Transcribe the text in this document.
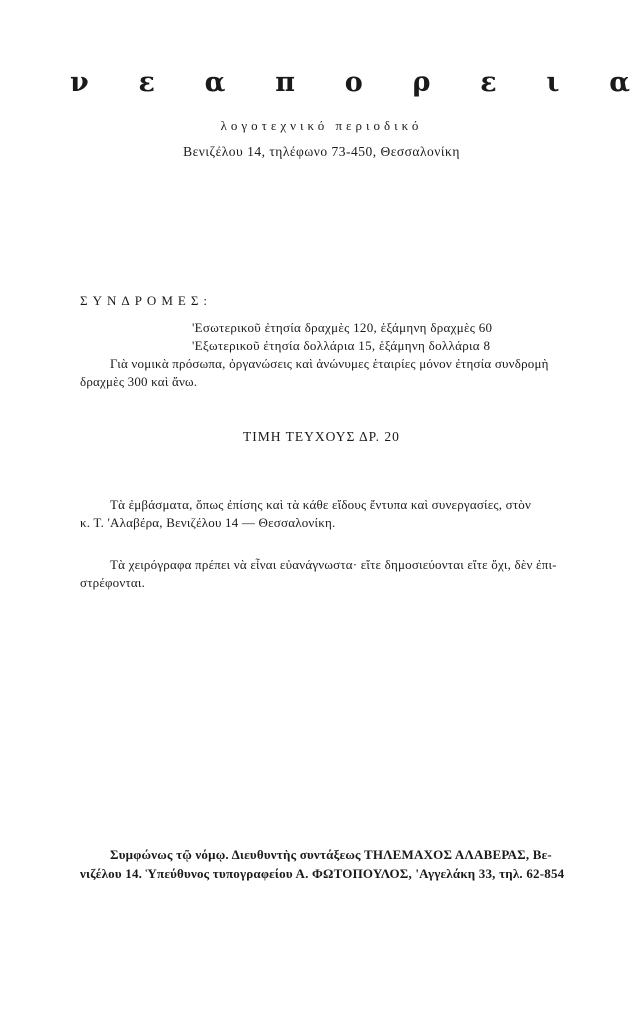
ν ε α π ο ρ ε ι α
λογοτεχνικό περιοδικό
Βενιζέλου 14, τηλέφωνο 73-450, Θεσσαλονίκη
ΣΥΝΔΡΟΜΕΣ:
'Εσωτερικοῦ ἐτησία δραχμὲς 120, ἑξάμηνη δραχμὲς 60
'Εξωτερικοῦ ἐτησία δολλάρια 15, ἑξάμηνη δολλάρια 8
Γιὰ νομικὰ πρόσωπα, ὀργανώσεις καὶ ἀνώνυμες ἑταιρίες μόνον ἐτησία συνδρομὴ
δραχμὲς 300 καὶ ἄνω.
ΤΙΜΗ ΤΕΥΧΟΥΣ ΔΡ. 20
Τὰ ἐμβάσματα, ὅπως ἐπίσης καὶ τὰ κάθε εἴδους ἔντυπα καὶ συνεργασίες, στὸν
κ. Τ. 'Αλαβέρα, Βενιζέλου 14 — Θεσσαλονίκη.
Τὰ χειρόγραφα πρέπει νὰ εἶναι εὐανάγνωστα· εἴτε δημοσιεύονται εἴτε ὄχι, δὲν ἐπι-
στρέφονται.
Συμφώνως τῷ νόμῳ. Διευθυντὴς συντάξεως ΤΗΛΕΜΑΧΟΣ ΑΛΑΒΕΡΑΣ, Βε-
νιζέλου 14. Ὑπεύθυνος τυπογραφείου Α. ΦΩΤΟΠΟΥΛΟΣ, 'Αγγελάκη 33, τηλ. 62-854
